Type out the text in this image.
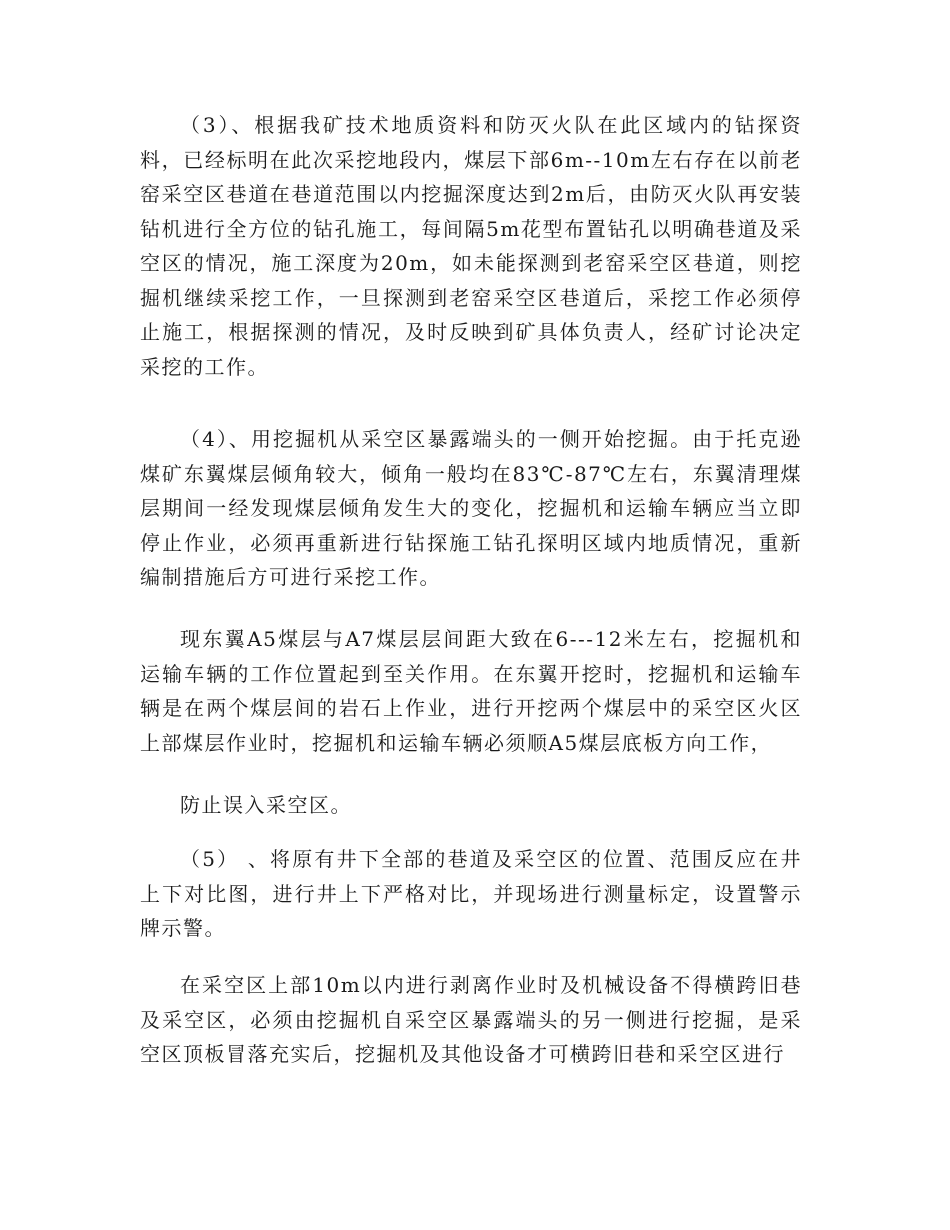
（3）、根据我矿技术地质资料和防灭火队在此区域内的钻探资料，已经标明在此次采挖地段内，煤层下部6m--10m左右存在以前老窑采空区巷道在巷道范围以内挖掘深度达到2m后，由防灭火队再安装钻机进行全方位的钻孔施工，每间隔5m花型布置钻孔以明确巷道及采空区的情况，施工深度为20m，如未能探测到老窑采空区巷道，则挖掘机继续采挖工作，一旦探测到老窑采空区巷道后，采挖工作必须停止施工，根据探测的情况，及时反映到矿具体负责人，经矿讨论决定采挖的工作。

（4）、用挖掘机从采空区暴露端头的一侧开始挖掘。由于托克逊煤矿东翼煤层倾角较大，倾角一般均在83℃-87℃左右，东翼清理煤层期间一经发现煤层倾角发生大的变化，挖掘机和运输车辆应当立即停止作业，必须再重新进行钻探施工钻孔探明区域内地质情况，重新编制措施后方可进行采挖工作。

现东翼A5煤层与A7煤层层间距大致在6---12米左右，挖掘机和运输车辆的工作位置起到至关作用。在东翼开挖时，挖掘机和运输车辆是在两个煤层间的岩石上作业，进行开挖两个煤层中的采空区火区上部煤层作业时，挖掘机和运输车辆必须顺A5煤层底板方向工作，

防止误入采空区。

（5） 、将原有井下全部的巷道及采空区的位置、范围反应在井上下对比图，进行井上下严格对比，并现场进行测量标定，设置警示牌示警。

在采空区上部10m以内进行剥离作业时及机械设备不得横跨旧巷及采空区，必须由挖掘机自采空区暴露端头的另一侧进行挖掘，是采空区顶板冒落充实后，挖掘机及其他设备才可横跨旧巷和采空区进行
